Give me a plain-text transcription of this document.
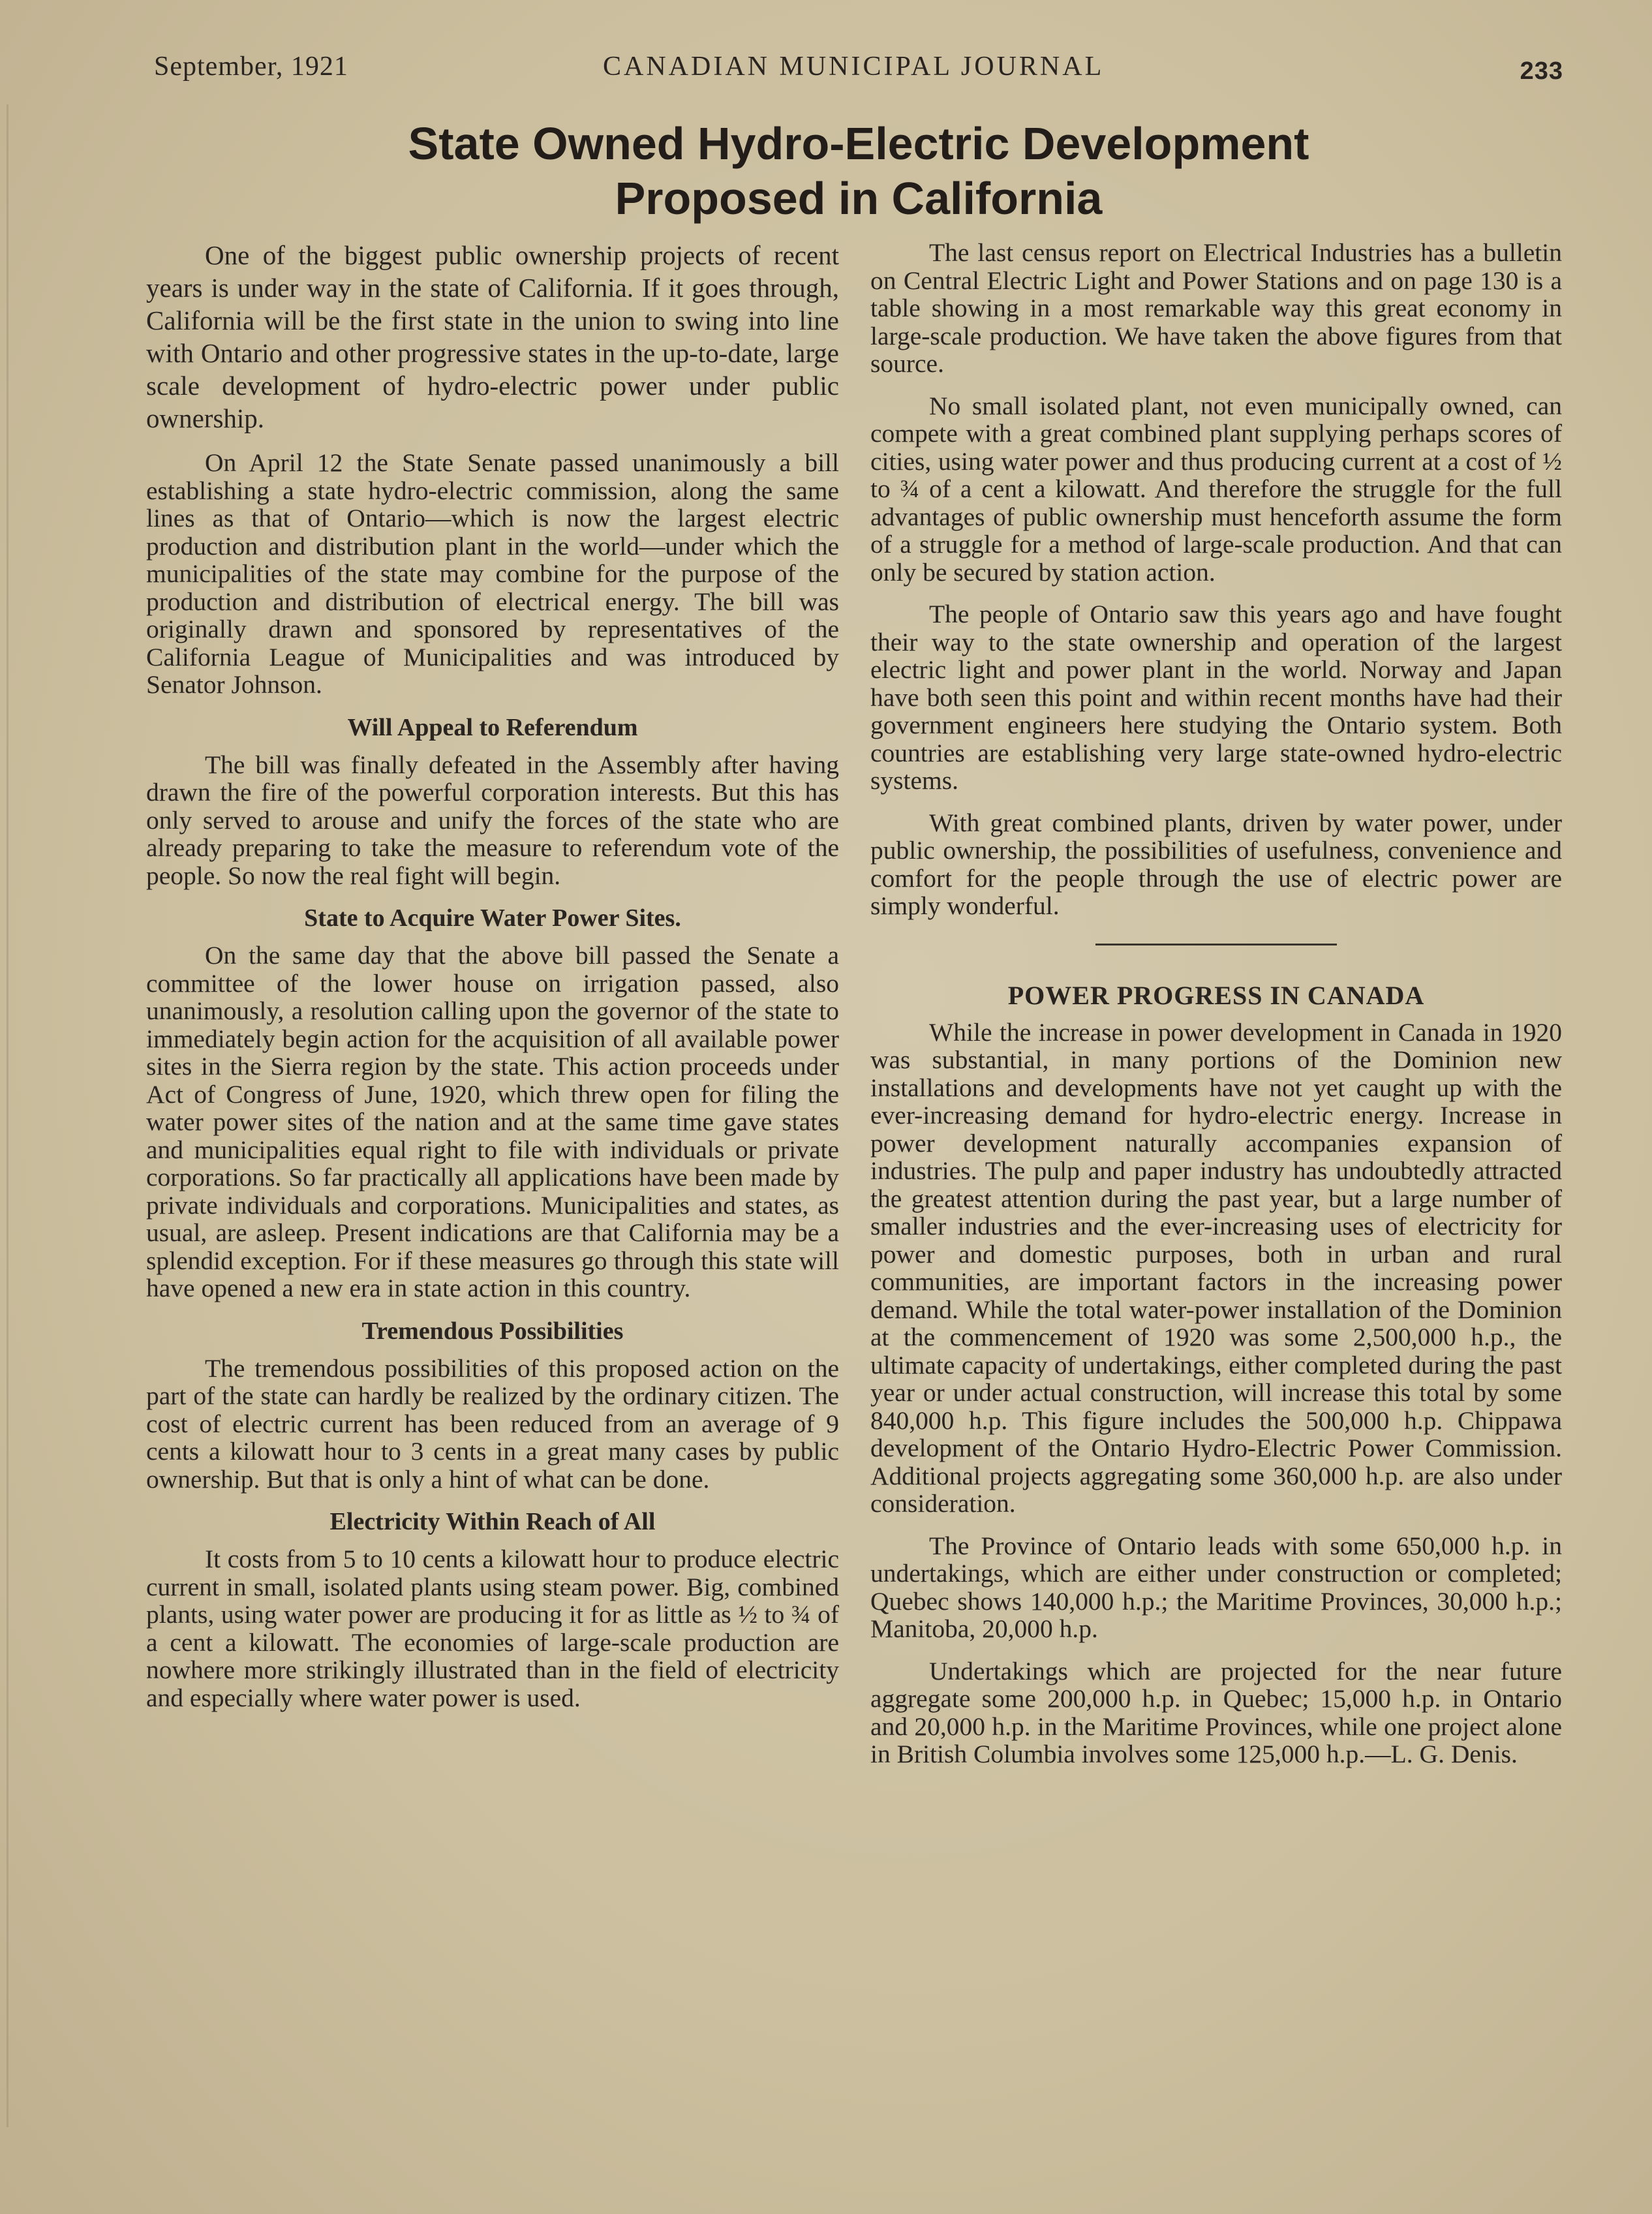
September, 1921	CANADIAN MUNICIPAL JOURNAL	233
State Owned Hydro-Electric Development
Proposed in California

One of the biggest public ownership projects of recent years is under way in the state of California. If it goes through, California will be the first state in the union to swing into line with Ontario and other progressive states in the up-to-date, large scale development of hydro-electric power under public ownership.

On April 12 the State Senate passed unanimously a bill establishing a state hydro-electric commission, along the same lines as that of Ontario—which is now the largest electric production and distribution plant in the world—under which the municipalities of the state may combine for the purpose of the production and distribution of electrical energy. The bill was originally drawn and sponsored by representatives of the California League of Municipalities and was introduced by Senator Johnson.

Will Appeal to Referendum

The bill was finally defeated in the Assembly after having drawn the fire of the powerful corporation interests. But this has only served to arouse and unify the forces of the state who are already preparing to take the measure to referendum vote of the people. So now the real fight will begin.

State to Acquire Water Power Sites.

On the same day that the above bill passed the Senate a committee of the lower house on irrigation passed, also unanimously, a resolution calling upon the governor of the state to immediately begin action for the acquisition of all available power sites in the Sierra region by the state. This action proceeds under Act of Congress of June, 1920, which threw open for filing the water power sites of the nation and at the same time gave states and municipalities equal right to file with individuals or private corporations. So far practically all applications have been made by private individuals and corporations. Municipalities and states, as usual, are asleep. Present indications are that California may be a splendid exception. For if these measures go through this state will have opened a new era in state action in this country.

Tremendous Possibilities

The tremendous possibilities of this proposed action on the part of the state can hardly be realized by the ordinary citizen. The cost of electric current has been reduced from an average of 9 cents a kilowatt hour to 3 cents in a great many cases by public ownership. But that is only a hint of what can be done.

Electricity Within Reach of All

It costs from 5 to 10 cents a kilowatt hour to produce electric current in small, isolated plants using steam power. Big, combined plants, using water power are producing it for as little as ½ to ¾ of a cent a kilowatt. The economies of large-scale production are nowhere more strikingly illustrated than in the field of electricity and especially where water power is used.

The last census report on Electrical Industries has a bulletin on Central Electric Light and Power Stations and on page 130 is a table showing in a most remarkable way this great economy in large-scale production. We have taken the above figures from that source.

No small isolated plant, not even municipally owned, can compete with a great combined plant supplying perhaps scores of cities, using water power and thus producing current at a cost of ½ to ¾ of a cent a kilowatt. And therefore the struggle for the full advantages of public ownership must henceforth assume the form of a struggle for a method of large-scale production. And that can only be secured by station action.

The people of Ontario saw this years ago and have fought their way to the state ownership and operation of the largest electric light and power plant in the world. Norway and Japan have both seen this point and within recent months have had their government engineers here studying the Ontario system. Both countries are establishing very large state-owned hydro-electric systems.

With great combined plants, driven by water power, under public ownership, the possibilities of usefulness, convenience and comfort for the people through the use of electric power are simply wonderful.

POWER PROGRESS IN CANADA

While the increase in power development in Canada in 1920 was substantial, in many portions of the Dominion new installations and developments have not yet caught up with the ever-increasing demand for hydro-electric energy. Increase in power development naturally accompanies expansion of industries. The pulp and paper industry has undoubtedly attracted the greatest attention during the past year, but a large number of smaller industries and the ever-increasing uses of electricity for power and domestic purposes, both in urban and rural communities, are important factors in the increasing power demand. While the total water-power installation of the Dominion at the commencement of 1920 was some 2,500,000 h.p., the ultimate capacity of undertakings, either completed during the past year or under actual construction, will increase this total by some 840,000 h.p. This figure includes the 500,000 h.p. Chippawa development of the Ontario Hydro-Electric Power Commission. Additional projects aggregating some 360,000 h.p. are also under consideration.

The Province of Ontario leads with some 650,000 h.p. in undertakings, which are either under construction or completed; Quebec shows 140,000 h.p.; the Maritime Provinces, 30,000 h.p.; Manitoba, 20,000 h.p.

Undertakings which are projected for the near future aggregate some 200,000 h.p. in Quebec; 15,000 h.p. in Ontario and 20,000 h.p. in the Maritime Provinces, while one project alone in British Columbia involves some 125,000 h.p.—L. G. Denis.
